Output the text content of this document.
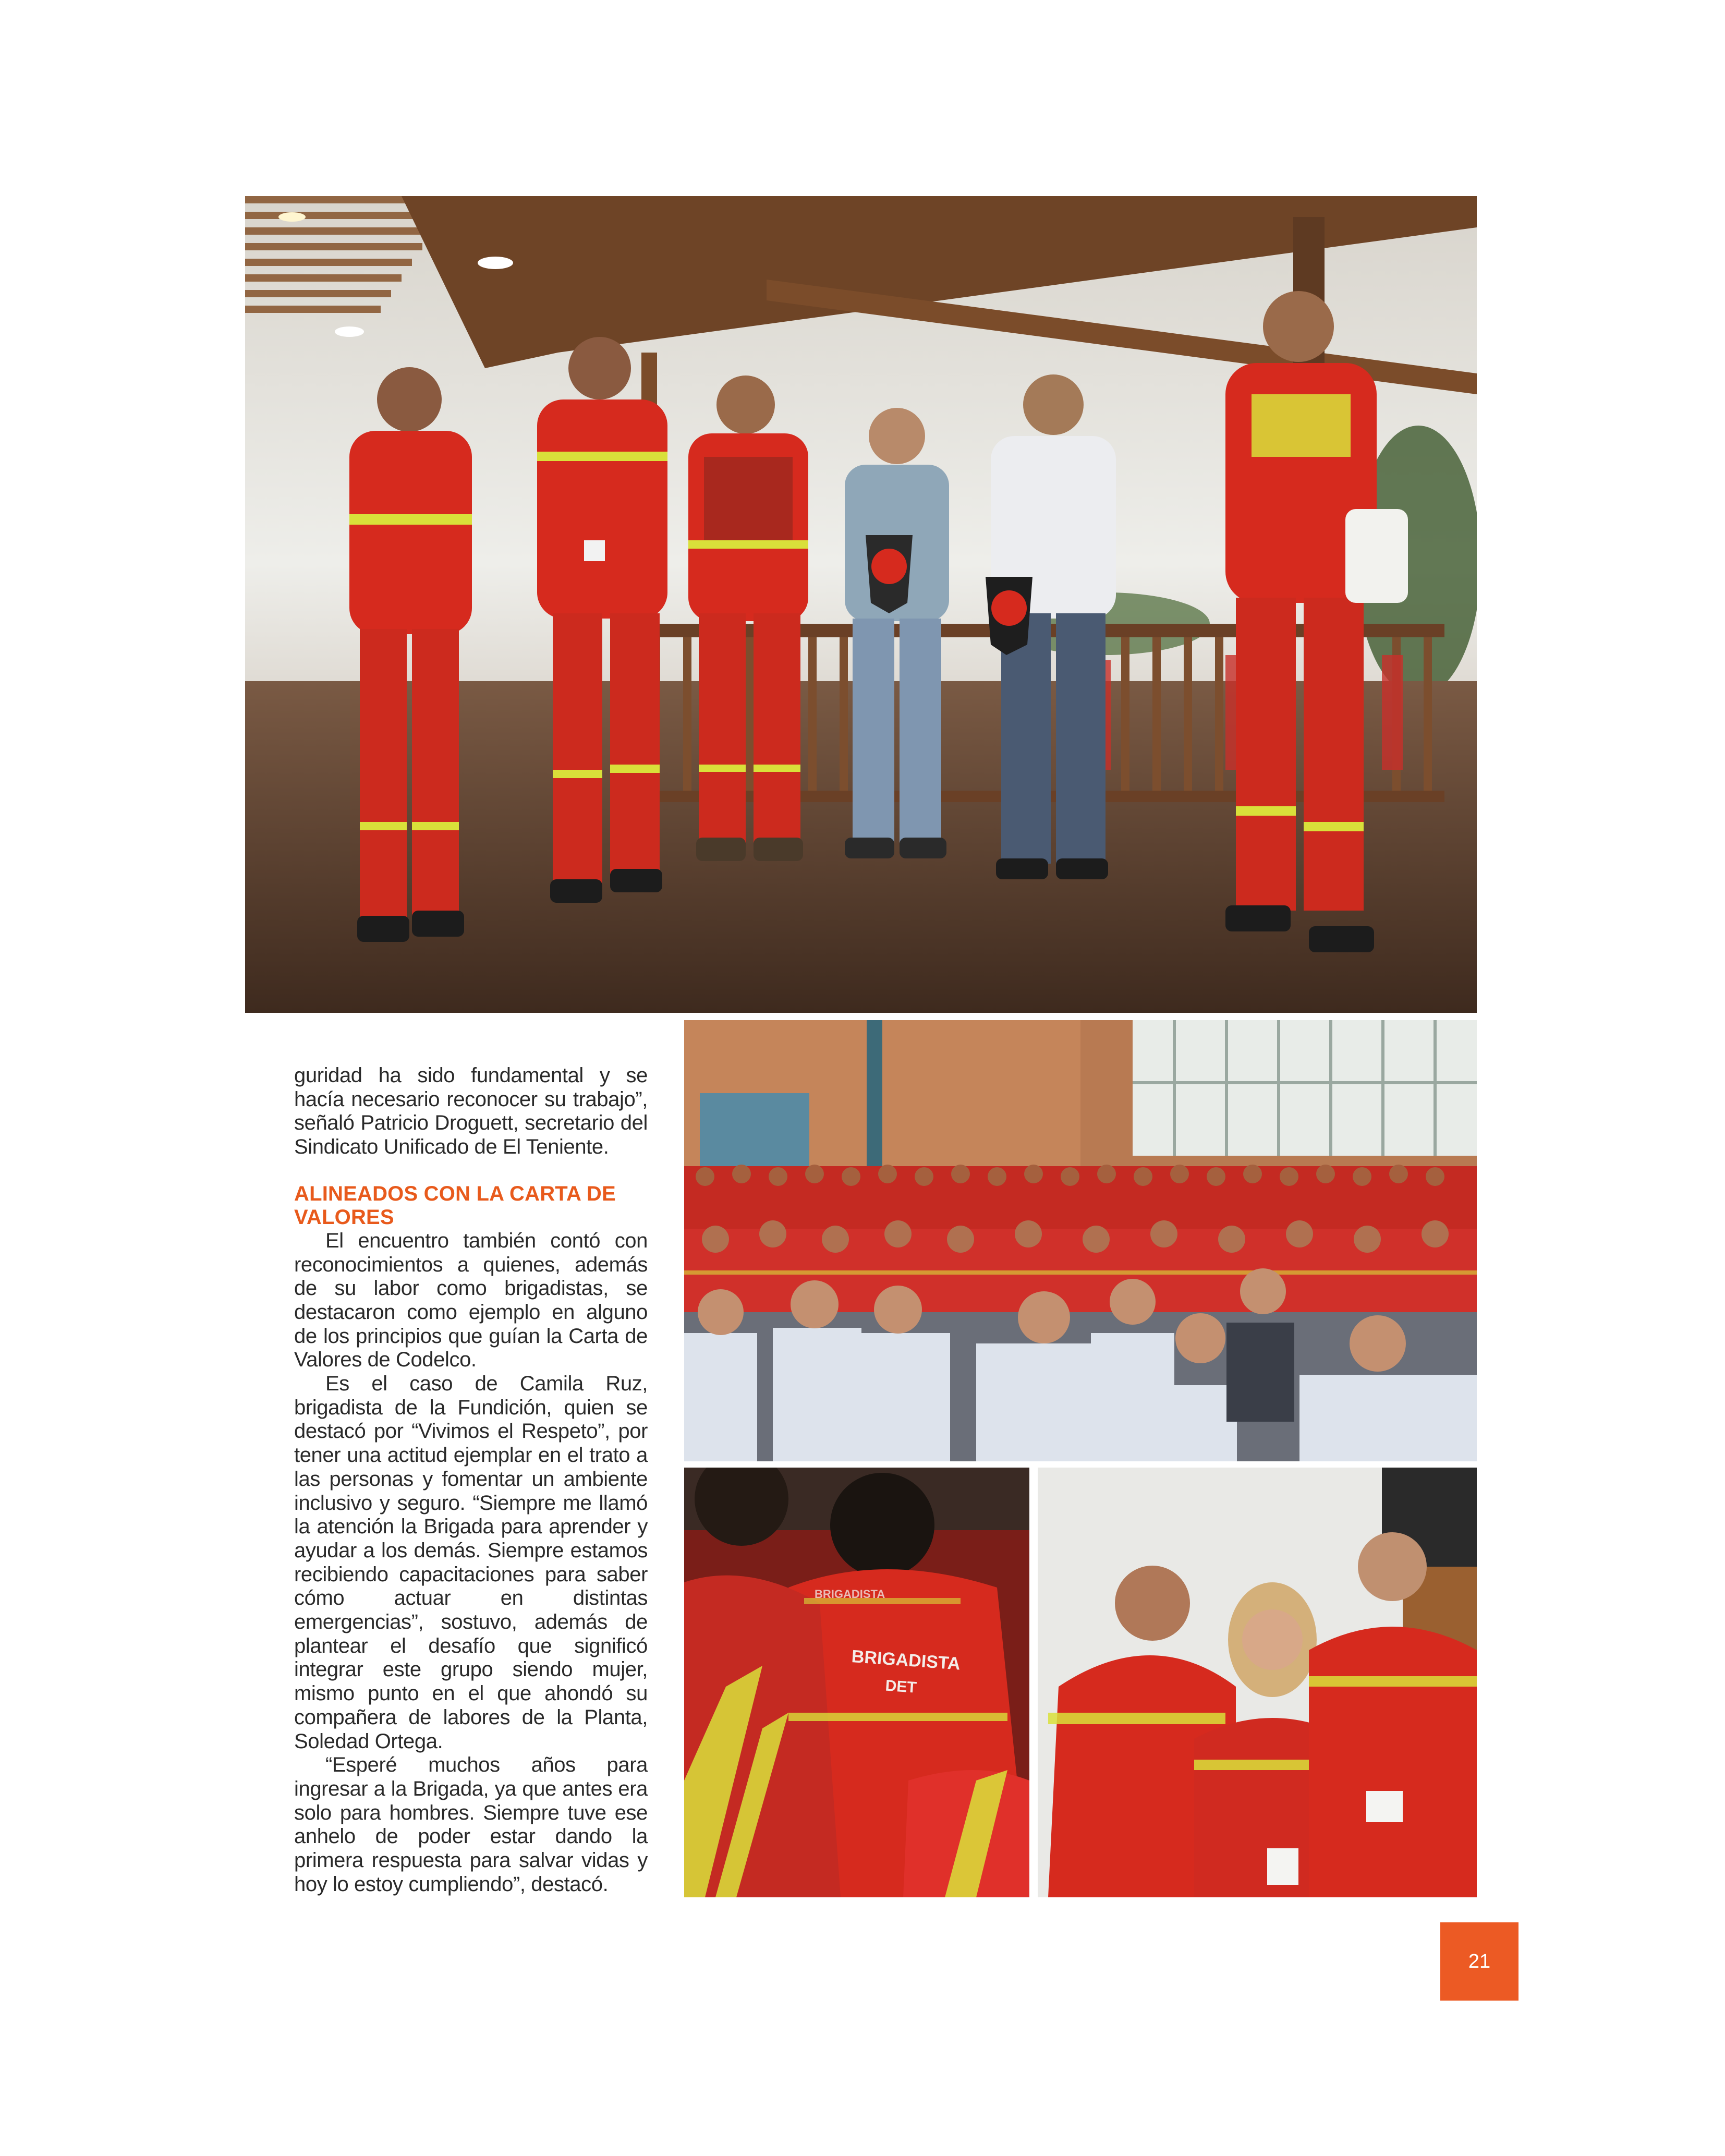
BRIGADISTA
BRIGADISTA
DET

guridad ha sido fundamental y se hacía necesario reconocer su trabajo”, señaló Patricio Droguett, secretario del Sindicato Unificado de El Teniente.

ALINEADOS CON LA CARTA DE VALORES

El encuentro también contó con reconocimientos a quienes, además de su labor como brigadistas, se destacaron como ejemplo en alguno de los principios que guían la Carta de Valores de Codelco.

Es el caso de Camila Ruz, brigadista de la Fundición, quien se destacó por “Vivimos el Respeto”, por tener una actitud ejemplar en el trato a las personas y fomentar un ambiente inclusivo y seguro. “Siempre me llamó la atención la Brigada para aprender y ayudar a los demás. Siempre estamos recibiendo capacitaciones para saber cómo actuar en distintas emergencias”, sostuvo, además de plantear el desafío que significó integrar este grupo siendo mujer, mismo punto en el que ahondó su compañera de labores de la Planta, Soledad Ortega.

“Esperé muchos años para ingresar a la Brigada, ya que antes era solo para hombres. Siempre tuve ese anhelo de poder estar dando la primera respuesta para salvar vidas y hoy lo estoy cumpliendo”, destacó.

21
